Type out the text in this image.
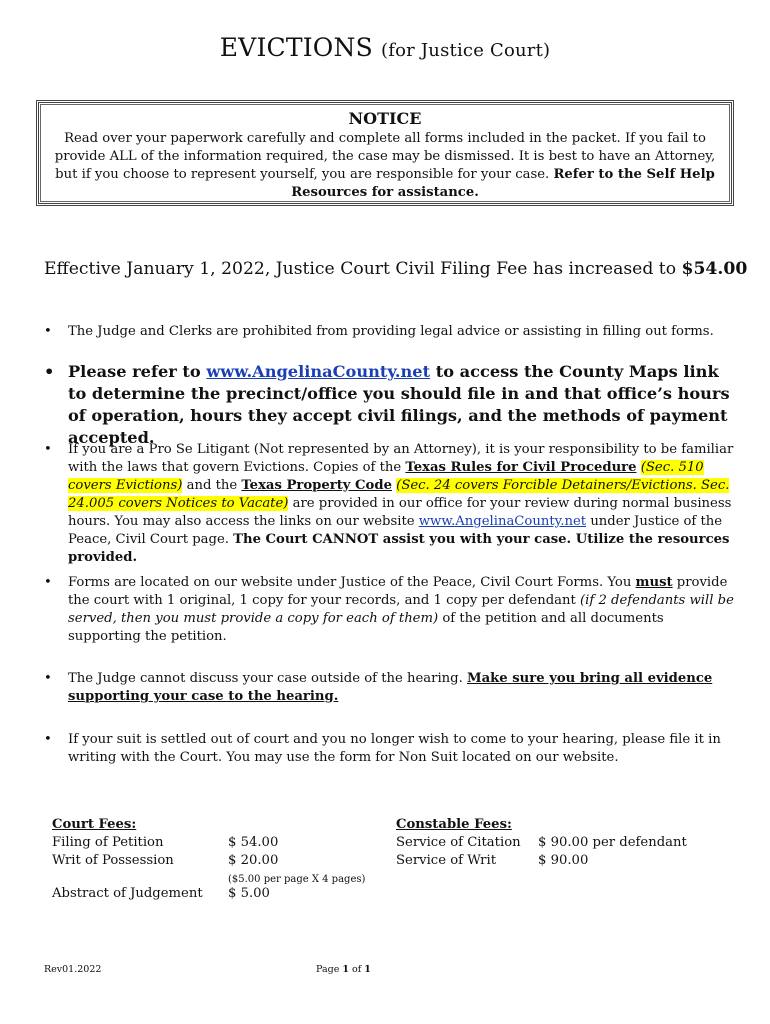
EVICTIONS (for Justice Court)
NOTICE
Read over your paperwork carefully and complete all forms included in the packet. If you fail to provide ALL of the information required, the case may be dismissed. It is best to have an Attorney, but if you choose to represent yourself, you are responsible for your case. Refer to the Self Help Resources for assistance.
Effective January 1, 2022, Justice Court Civil Filing Fee has increased to $54.00
•	The Judge and Clerks are prohibited from providing legal advice or assisting in filling out forms.
• Please refer to www.AngelinaCounty.net to access the County Maps link to determine the precinct/office you should file in and that office’s hours of operation, hours they accept civil filings, and the methods of payment accepted.
•	If you are a Pro Se Litigant (Not represented by an Attorney), it is your responsibility to be familiar with the laws that govern Evictions. Copies of the Texas Rules for Civil Procedure (Sec. 510 covers Evictions) and the Texas Property Code (Sec. 24 covers Forcible Detainers/Evictions. Sec. 24.005 covers Notices to Vacate) are provided in our office for your review during normal business hours. You may also access the links on our website www.AngelinaCounty.net under Justice of the Peace, Civil Court page. The Court CANNOT assist you with your case. Utilize the resources provided.
•	Forms are located on our website under Justice of the Peace, Civil Court Forms. You must provide the court with 1 original, 1 copy for your records, and 1 copy per defendant (if 2 defendants will be served, then you must provide a copy for each of them) of the petition and all documents supporting the petition.
•	The Judge cannot discuss your case outside of the hearing. Make sure you bring all evidence supporting your case to the hearing.
•	If your suit is settled out of court and you no longer wish to come to your hearing, please file it in writing with the Court. You may use the form for Non Suit located on our website.
Court Fees:
Filing of Petition	$ 54.00
Writ of Possession	$ 20.00
($5.00 per page X 4 pages)
Abstract of Judgement $ 5.00
Constable Fees:
Service of Citation $ 90.00 per defendant
Service of Writ	$ 90.00
Rev01.2022	Page 1 of 1
